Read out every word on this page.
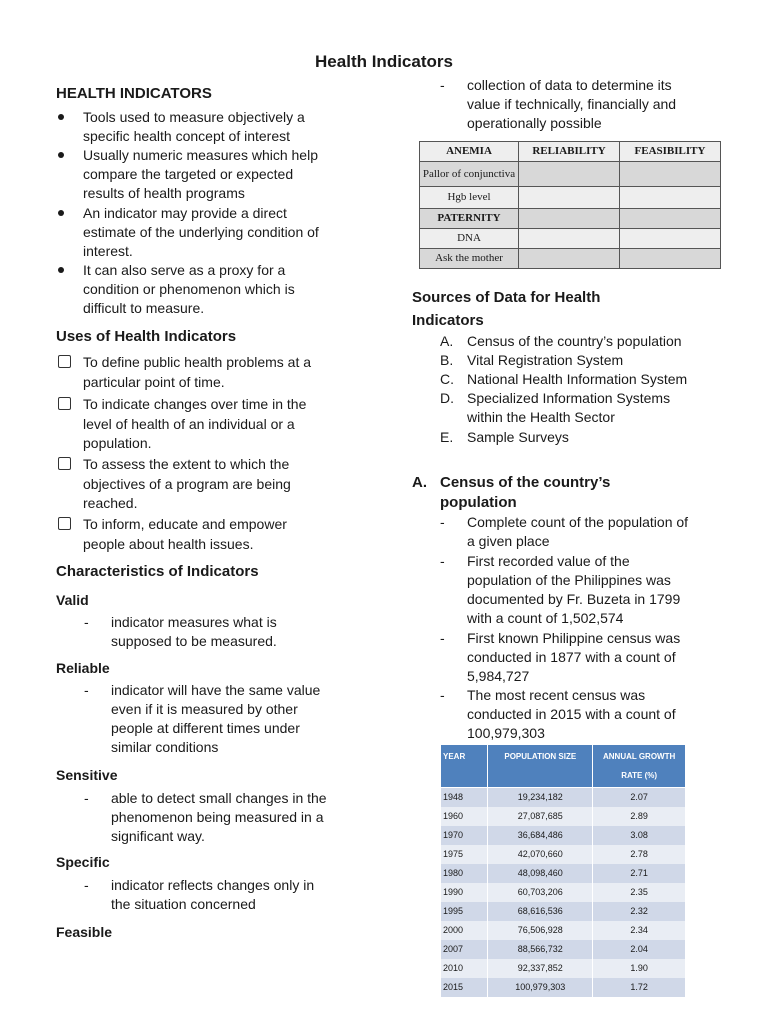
Health Indicators
HEALTH INDICATORS
Tools used to measure objectively a
specific health concept of interest
Usually numeric measures which help
compare the targeted or expected
results of health programs
An indicator may provide a direct
estimate of the underlying condition of
interest.
It can also serve as a proxy for a
condition or phenomenon which is
difficult to measure.
Uses of Health Indicators
To define public health problems at a
particular point of time.
To indicate changes over time in the
level of health of an individual or a
population.
To assess the extent to which the
objectives of a program are being
reached.
To inform, educate and empower
people about health issues.
Characteristics of Indicators
Valid
- indicator measures what is
supposed to be measured.
Reliable
- indicator will have the same value
even if it is measured by other
people at different times under
similar conditions
Sensitive
- able to detect small changes in the
phenomenon being measured in a
significant way.
Specific
- indicator reflects changes only in
the situation concerned
Feasible
- collection of data to determine its
value if technically, financially and
operationally possible
ANEMIA	RELIABILITY	FEASIBILITY
Pallor of conjunctiva		
Hgb level		
PATERNITY		
DNA		
Ask the mother		
Sources of Data for Health
Indicators
A. Census of the country’s population
B. Vital Registration System
C. National Health Information System
D. Specialized Information Systems
within the Health Sector
E. Sample Surveys
A. Census of the country’s
population
- Complete count of the population of
a given place
- First recorded value of the
population of the Philippines was
documented by Fr. Buzeta in 1799
with a count of 1,502,574
- First known Philippine census was
conducted in 1877 with a count of
5,984,727
- The most recent census was
conducted in 2015 with a count of
100,979,303
YEAR	POPULATION SIZE	ANNUAL GROWTH RATE (%)
1948	19,234,182	2.07
1960	27,087,685	2.89
1970	36,684,486	3.08
1975	42,070,660	2.78
1980	48,098,460	2.71
1990	60,703,206	2.35
1995	68,616,536	2.32
2000	76,506,928	2.34
2007	88,566,732	2.04
2010	92,337,852	1.90
2015	100,979,303	1.72
